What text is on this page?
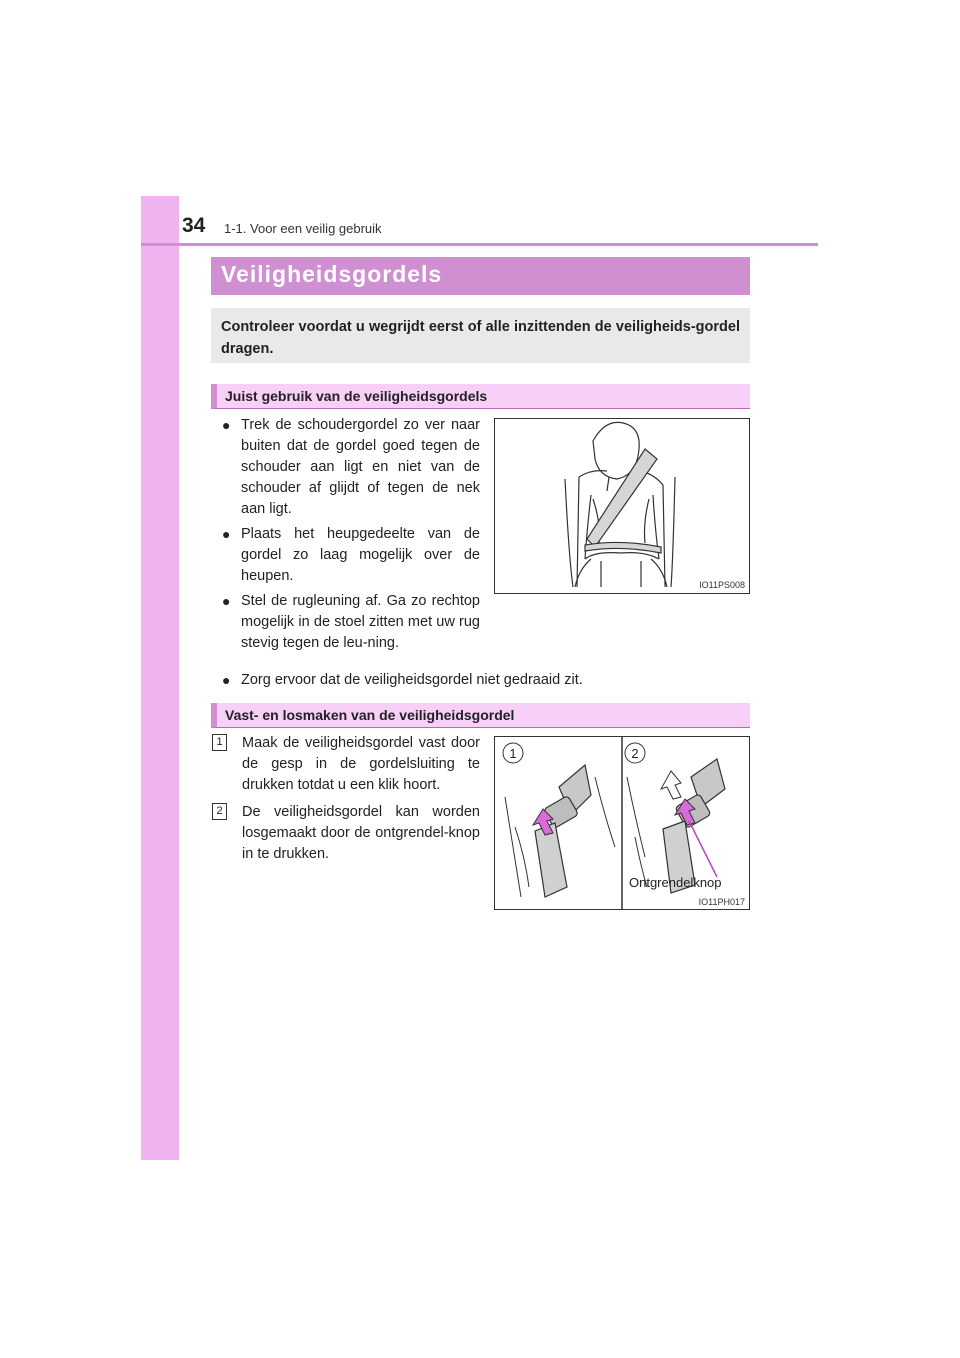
34 1-1. Voor een veilig gebruik
Veiligheidsgordels
Controleer voordat u wegrijdt eerst of alle inzittenden de veiligheids-gordel dragen.
Juist gebruik van de veiligheidsgordels
● Trek de schoudergordel zo ver naar buiten dat de gordel goed tegen de schouder aan ligt en niet van de schouder af glijdt of tegen de nek aan ligt.
● Plaats het heupgedeelte van de gordel zo laag mogelijk over de heupen.
● Stel de rugleuning af. Ga zo rechtop mogelijk in de stoel zitten met uw rug stevig tegen de leu-ning.
● Zorg ervoor dat de veiligheidsgordel niet gedraaid zit.
IO11PS008
Vast- en losmaken van de veiligheidsgordel
1	Maak de veiligheidsgordel vast door de gesp in de gordelsluiting te drukken totdat u een klik hoort.
2	De veiligheidsgordel kan worden losgemaakt door de ontgrendel-knop in te drukken.
1	2
Ontgrendelknop
IO11PH017
